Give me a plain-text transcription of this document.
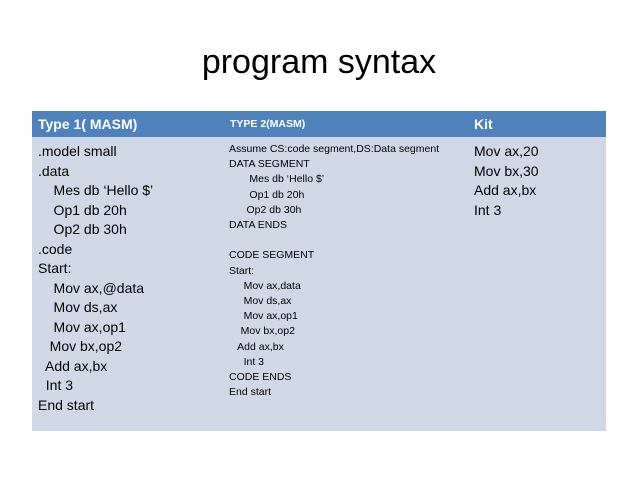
program syntax
Type 1( MASM)	TYPE 2(MASM)	Kit
.model small
.data
Mes db ‘Hello $’
Op1 db 20h
Op2 db 30h
.code
Start:
Mov ax,@data
Mov ds,ax
Mov ax,op1
Mov bx,op2
Add ax,bx
Int 3
End start
Assume CS:code segment,DS:Data segment
DATA SEGMENT
Mes db ‘Hello $’
Op1 db 20h
Op2 db 30h
DATA ENDS
CODE SEGMENT
Start:
Mov ax,data
Mov ds,ax
Mov ax,op1
Mov bx,op2
Add ax,bx
Int 3
CODE ENDS
End start
Mov ax,20
Mov bx,30
Add ax,bx
Int 3
